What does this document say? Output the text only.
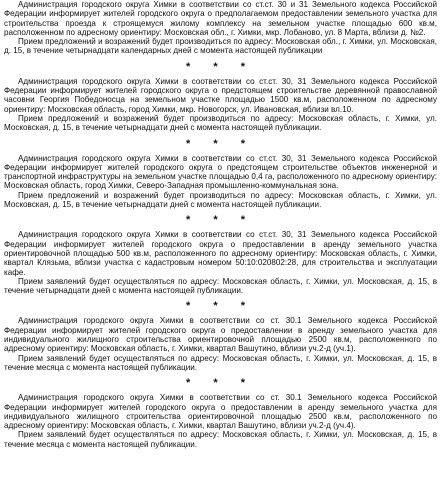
Администрация городского округа Химки в соответствии со ст.ст. 30 и 31 Земельного кодекса Российской Федерации информирует жителей городского округа о предполагаемом предоставлении земельного участка для строительства проезда к строящемуся жилому комплексу на земельном участке площадью 600 кв.м, расположенном по адресному ориентиру: Московская обл., г. Химки, мкр. Лобаново, ул. 8 Марта, вблизи д. №2.

Прием предложений и возражений будет производиться по адресу: Московская обл., г. Химки, ул. Московская, д. 15, в течение четырнадцати календарных дней с момента настоящей публикации

* * *

Администрация городского округа Химки в соответствии со ст.ст. 30, 31 Земельного кодекса Российской Федерации информирует жителей городского округа о предстоящем строительстве деревянной православной часовни Георгия Победоносца на земельном участке площадью 1500 кв.м, расположенном по адресному ориентиру: Московская область, город Химки, мкр. Новогорск, ул. Ивановская, вблизи вл.10.

Прием предложений и возражений будет производиться по адресу: Московская область, г. Химки, ул. Московская, д. 15, в течение четырнадцати дней с момента настоящей публикации.

* * *

Администрация городского округа Химки в соответствии со ст.ст. 30, 31 Земельного кодекса Российской Федерации информирует жителей городского округа о предстоящем строительстве объектов инженерной и транспортной инфраструктуры на земельном участке площадью 0,4 га, расположенного по адресному ориентиру: Московская область, город Химки, Северо-Западная промышленно-коммунальная зона.

Прием предложений и возражений будет производиться по адресу: Московская область, г. Химки, ул. Московская, д. 15, в течение четырнадцати дней с момента настоящей публикации.

* * *

Администрация городского округа Химки в соответствии со ст.ст. 30, 31 Земельного кодекса Российской Федерации информирует жителей городского округа о предоставлении в аренду земельного участка ориентировочной площадью 500 кв.м, расположенного по адресному ориентиру: Московская область, г. Химки, квартал Клязьма, вблизи участка с кадастровым номером 50:10:020802:28, для строительства и эксплуатации кафе.

Прием заявлений будет осуществляться по адресу: Московская область, г. Химки, ул. Московская, д. 15, в течение четырнадцати дней с момента настоящей публикации.

* * *

Администрация городского округа Химки в соответствии со ст. 30.1 Земельного кодекса Российской Федерации информирует жителей городского округа о предоставлении в аренду земельного участка для индивидуального жилищного строительства ориентировочной площадью 2500 кв.м, расположенного по адресному ориентиру: Московская область, г. Химки, квартал Вашутино, вблизи уч.2-д (уч.1).

Прием заявлений будет осуществляться по адресу: Московская область, г. Химки, ул. Московская, д. 15, в течение месяца с момента настоящей публикации.

* * *

Администрация городского округа Химки в соответствии со ст. 30.1 Земельного кодекса Российской Федерации информирует жителей городского округа о предоставлении в аренду земельного участка для индивидуального жилищного строительства ориентировочной площадью 2500 кв.м, расположенного по адресному ориентиру: Московская область, г. Химки, квартал Вашутино, вблизи уч.2-д (уч.4).

Прием заявлений будет осуществляться по адресу: Московская область, г. Химки, ул. Московская, д. 15, в течение месяца с момента настоящей публикации.
